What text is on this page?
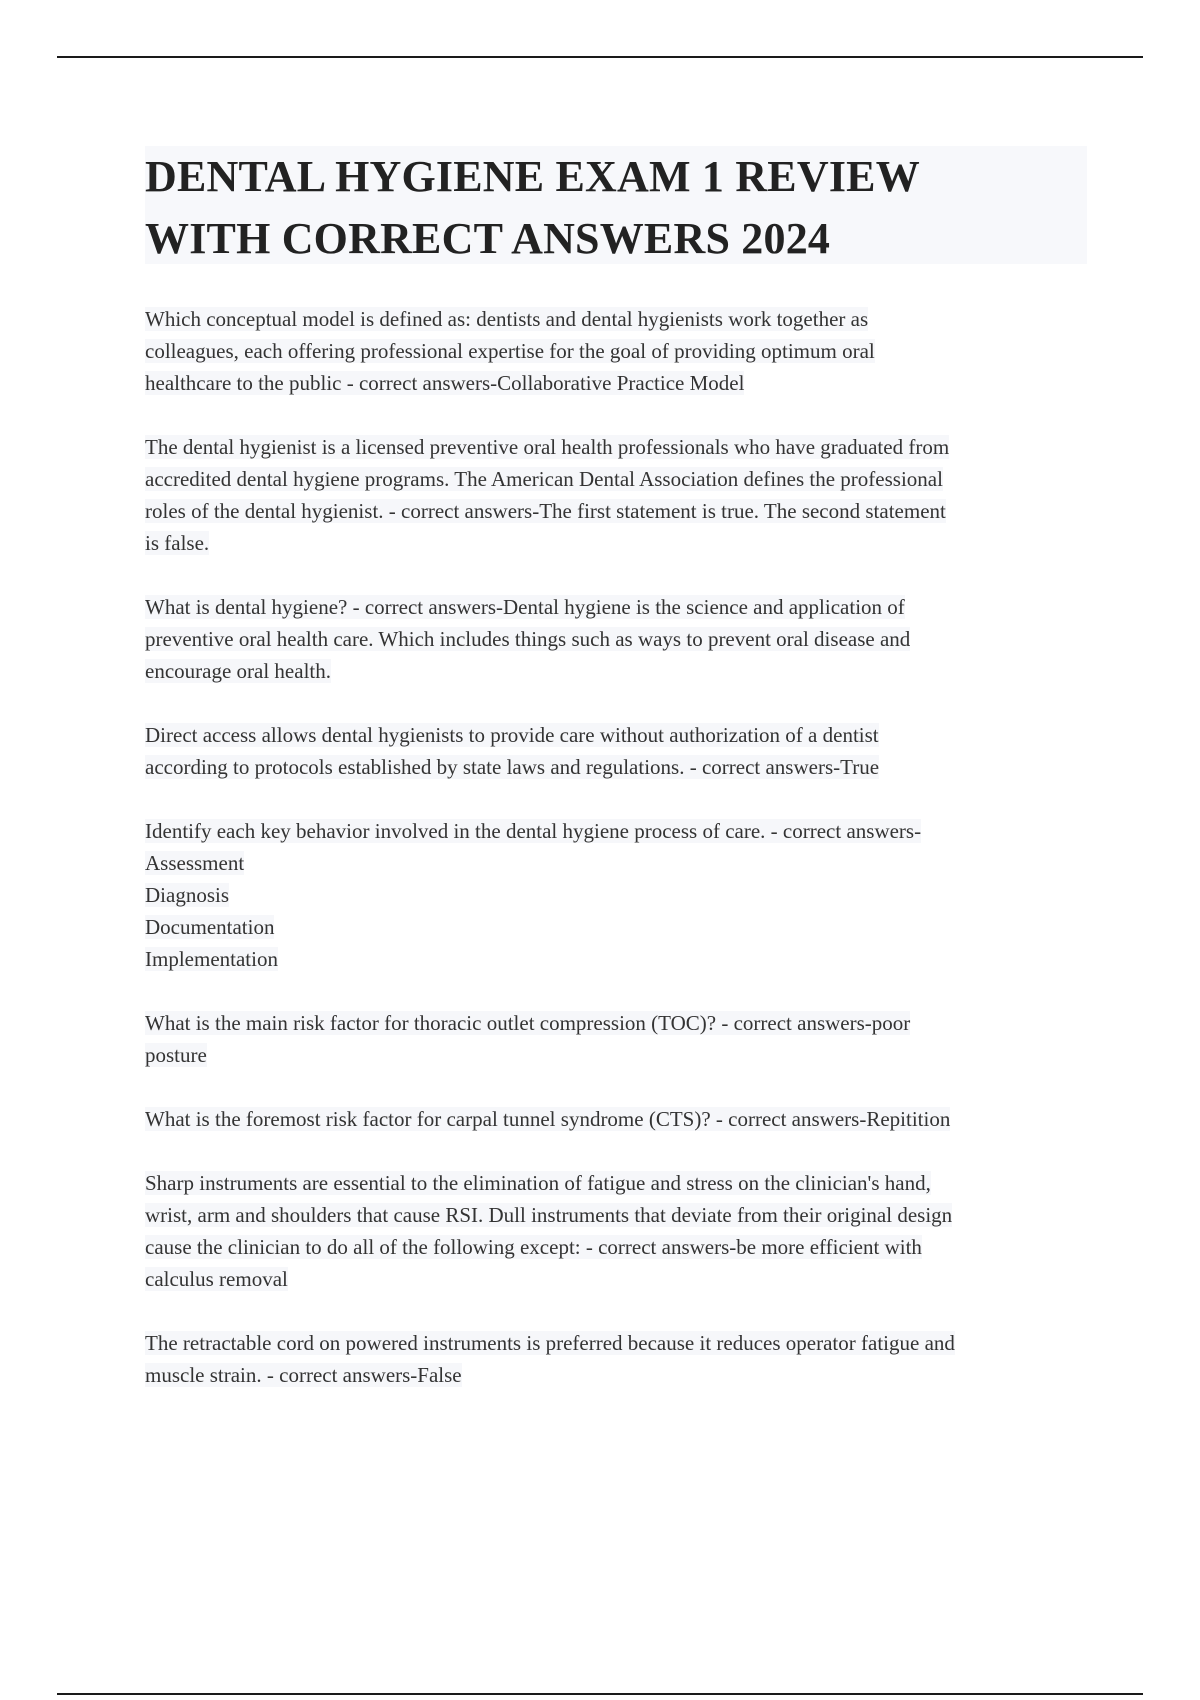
DENTAL HYGIENE EXAM 1 REVIEW
WITH CORRECT ANSWERS 2024

Which conceptual model is defined as: dentists and dental hygienists work together as
colleagues, each offering professional expertise for the goal of providing optimum oral
healthcare to the public - correct answers-Collaborative Practice Model

The dental hygienist is a licensed preventive oral health professionals who have graduated from
accredited dental hygiene programs. The American Dental Association defines the professional
roles of the dental hygienist. - correct answers-The first statement is true. The second statement
is false.

What is dental hygiene? - correct answers-Dental hygiene is the science and application of
preventive oral health care. Which includes things such as ways to prevent oral disease and
encourage oral health.

Direct access allows dental hygienists to provide care without authorization of a dentist
according to protocols established by state laws and regulations. - correct answers-True

Identify each key behavior involved in the dental hygiene process of care. - correct answers-
Assessment
Diagnosis
Documentation
Implementation

What is the main risk factor for thoracic outlet compression (TOC)? - correct answers-poor
posture

What is the foremost risk factor for carpal tunnel syndrome (CTS)? - correct answers-Repitition

Sharp instruments are essential to the elimination of fatigue and stress on the clinician's hand,
wrist, arm and shoulders that cause RSI. Dull instruments that deviate from their original design
cause the clinician to do all of the following except: - correct answers-be more efficient with
calculus removal

The retractable cord on powered instruments is preferred because it reduces operator fatigue and
muscle strain. - correct answers-False
